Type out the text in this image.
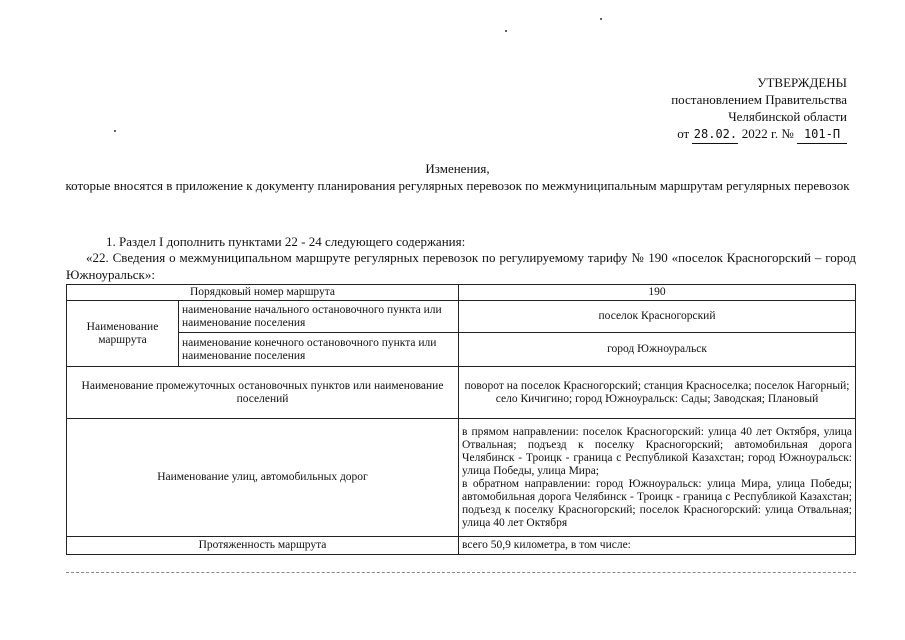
УТВЕРЖДЕНЫ
постановлением Правительства
Челябинской области
от 28.02. 2022 г. № 101-П
Изменения,
которые вносятся в приложение к документу планирования регулярных перевозок по межмуниципальным маршрутам регулярных перевозок
1. Раздел I дополнить пунктами 22 - 24 следующего содержания:
«22. Сведения о межмуниципальном маршруте регулярных перевозок по регулируемому тарифу № 190 «поселок Красногорский – город Южноуральск»:
Порядковый номер маршрута		190
Наименование маршрута	наименование начального остановочного пункта или наименование поселения	поселок Красногорский
	наименование конечного остановочного пункта или наименование поселения	город Южноуральск
Наименование промежуточных остановочных пунктов или наименование поселений		поворот на поселок Красногорский; станция Красноселка; поселок Нагорный; село Кичигино; город Южноуральск: Сады; Заводская; Плановый
Наименование улиц, автомобильных дорог		в прямом направлении: поселок Красногорский: улица 40 лет Октября, улица Отвальная; подъезд к поселку Красногорский; автомобильная дорога Челябинск - Троицк - граница с Республикой Казахстан; город Южноуральск: улица Победы, улица Мира;
в обратном направлении: город Южноуральск: улица Мира, улица Победы; автомобильная дорога Челябинск - Троицк - граница с Республикой Казахстан; подъезд к поселку Красногорский; поселок Красногорский: улица Отвальная; улица 40 лет Октября

Протяженность маршрута		всего 50,9 километра, в том числе:
